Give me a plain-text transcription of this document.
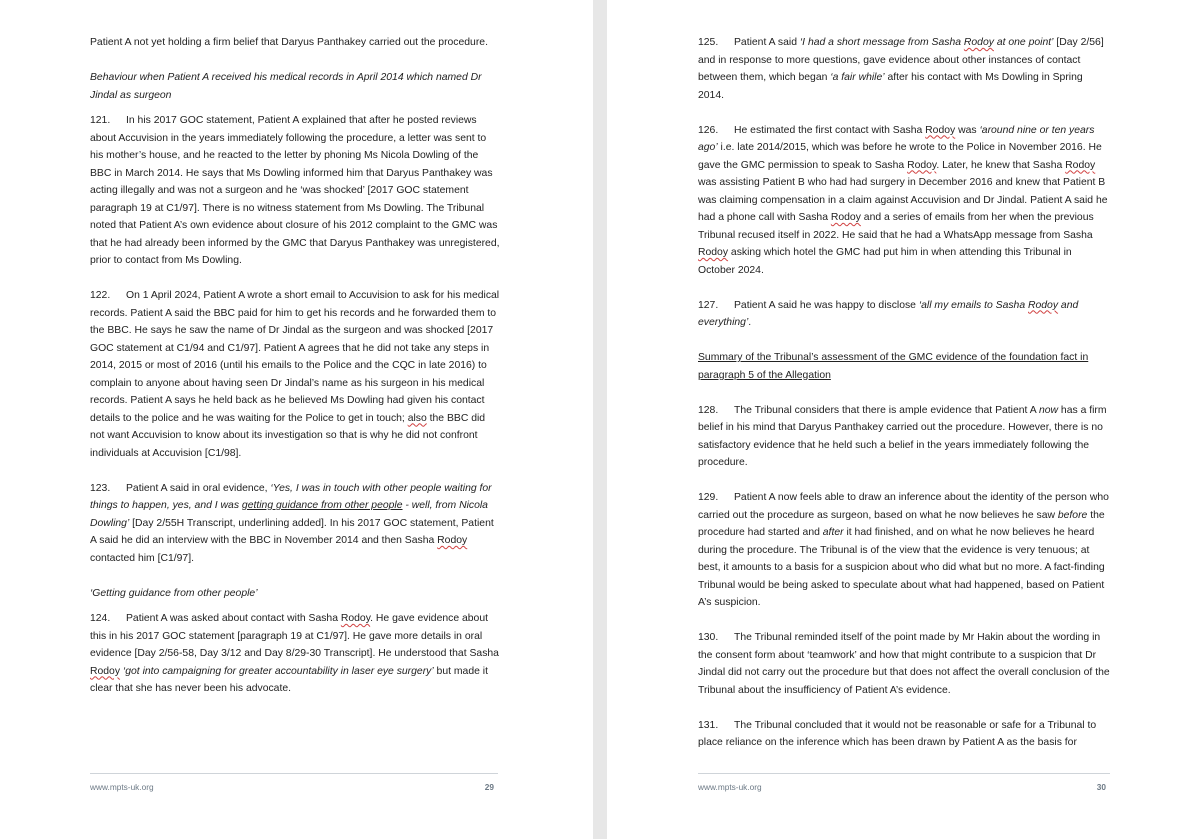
Patient A not yet holding a firm belief that Daryus Panthakey carried out the procedure.

Behaviour when Patient A received his medical records in April 2014 which named Dr Jindal as surgeon

121. In his 2017 GOC statement, Patient A explained that after he posted reviews about Accuvision in the years immediately following the procedure, a letter was sent to his mother’s house, and he reacted to the letter by phoning Ms Nicola Dowling of the BBC in March 2014. He says that Ms Dowling informed him that Daryus Panthakey was acting illegally and was not a surgeon and he ‘was shocked’ [2017 GOC statement paragraph 19 at C1/97]. There is no witness statement from Ms Dowling. The Tribunal noted that Patient A’s own evidence about closure of his 2012 complaint to the GMC was that he had already been informed by the GMC that Daryus Panthakey was unregistered, prior to contact from Ms Dowling.

122. On 1 April 2024, Patient A wrote a short email to Accuvision to ask for his medical records. Patient A said the BBC paid for him to get his records and he forwarded them to the BBC. He says he saw the name of Dr Jindal as the surgeon and was shocked [2017 GOC statement at C1/94 and C1/97]. Patient A agrees that he did not take any steps in 2014, 2015 or most of 2016 (until his emails to the Police and the CQC in late 2016) to complain to anyone about having seen Dr Jindal’s name as his surgeon in his medical records. Patient A says he held back as he believed Ms Dowling had given his contact details to the police and he was waiting for the Police to get in touch; also the BBC did not want Accuvision to know about its investigation so that is why he did not confront individuals at Accuvision [C1/98].

123. Patient A said in oral evidence, ‘Yes, I was in touch with other people waiting for things to happen, yes, and I was getting guidance from other people - well, from Nicola Dowling’ [Day 2/55H Transcript, underlining added]. In his 2017 GOC statement, Patient A said he did an interview with the BBC in November 2014 and then Sasha Rodoy contacted him [C1/97].

‘Getting guidance from other people’

124. Patient A was asked about contact with Sasha Rodoy. He gave evidence about this in his 2017 GOC statement [paragraph 19 at C1/97]. He gave more details in oral evidence [Day 2/56-58, Day 3/12 and Day 8/29-30 Transcript]. He understood that Sasha Rodoy ‘got into campaigning for greater accountability in laser eye surgery’ but made it clear that she has never been his advocate.

www.mpts-uk.org	29

125. Patient A said ‘I had a short message from Sasha Rodoy at one point’ [Day 2/56] and in response to more questions, gave evidence about other instances of contact between them, which began ‘a fair while’ after his contact with Ms Dowling in Spring 2014.

126. He estimated the first contact with Sasha Rodoy was ‘around nine or ten years ago’ i.e. late 2014/2015, which was before he wrote to the Police in November 2016. He gave the GMC permission to speak to Sasha Rodoy. Later, he knew that Sasha Rodoy was assisting Patient B who had had surgery in December 2016 and knew that Patient B was claiming compensation in a claim against Accuvision and Dr Jindal. Patient A said he had a phone call with Sasha Rodoy and a series of emails from her when the previous Tribunal recused itself in 2022. He said that he had a WhatsApp message from Sasha Rodoy asking which hotel the GMC had put him in when attending this Tribunal in October 2024.

127. Patient A said he was happy to disclose ‘all my emails to Sasha Rodoy and everything’.

Summary of the Tribunal’s assessment of the GMC evidence of the foundation fact in paragraph 5 of the Allegation

128. The Tribunal considers that there is ample evidence that Patient A now has a firm belief in his mind that Daryus Panthakey carried out the procedure. However, there is no satisfactory evidence that he held such a belief in the years immediately following the procedure.

129. Patient A now feels able to draw an inference about the identity of the person who carried out the procedure as surgeon, based on what he now believes he saw before the procedure had started and after it had finished, and on what he now believes he heard during the procedure. The Tribunal is of the view that the evidence is very tenuous; at best, it amounts to a basis for a suspicion about who did what but no more. A fact-finding Tribunal would be being asked to speculate about what had happened, based on Patient A’s suspicion.

130. The Tribunal reminded itself of the point made by Mr Hakin about the wording in the consent form about ‘teamwork’ and how that might contribute to a suspicion that Dr Jindal did not carry out the procedure but that does not affect the overall conclusion of the Tribunal about the insufficiency of Patient A’s evidence.

131. The Tribunal concluded that it would not be reasonable or safe for a Tribunal to place reliance on the inference which has been drawn by Patient A as the basis for

www.mpts-uk.org	30
